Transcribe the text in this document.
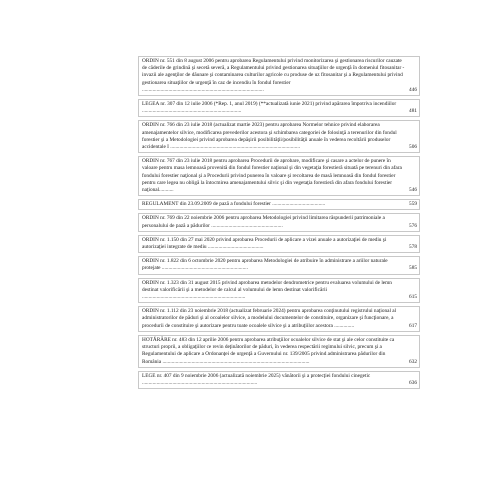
ORDIN nr. 551 din 8 august 2006 pentru aprobarea Regulamentului privind monitorizarea şi gestionarea riscurilor cauzate de căderile de grindină şi secetă severă, a Regulamentului privind gestionarea situaţiilor de urgenţă în domeniul fitosanitar - invazii ale agenţilor de dăunare şi contaminarea culturilor agricole cu produse de uz fitosanitar şi a Regulamentului privind gestionarea situaţiilor de urgenţă în caz de incendiu în fondul forestier ............................................................................................	446
LEGEA nr. 307 din 12 iulie 2006 (*Rep. 1, anul 2019) (**actualizată iunie 2021) privind apărarea împotriva incendiilor ...........................................................................	481
ORDIN nr. 766 din 23 iulie 2018 (actualizat martie 2023) pentru aprobarea Normelor tehnice privind elaborarea amenajamentelor silvice, modificarea prevederilor acestora şi schimbarea categoriei de folosinţă a terenurilor din fondul forestier şi a Metodologiei privind aprobarea depăşirii posibilităţii/posibilităţii anuale în vederea recoltării produselor accidentale I ..................................................................................................	506
ORDIN nr. 767 din 23 iulie 2018 pentru aprobarea Procedurii de aprobare, modificare şi casare a actelor de punere în valoare pentru masa lemnoasă provenită din fondul forestier naţional şi din vegetaţia forestieră situată pe terenuri din afara fondului forestier naţional şi a Procedurii privind punerea în valoare şi recoltarea de masă lemnoasă din fondul forestier pentru care legea nu obligă la întocmirea amenajamentului silvic şi din vegetaţia forestieră din afara fondului forestier naţional...........	546
REGULAMENT din 23.09.2009 de pază a fondului forestier ........................................	559
ORDIN nr. 769 din 22 noiembrie 2006 pentru aprobarea Metodologiei privind limitarea răspunderii patrimoniale a personalului de pază a pădurilor ......................................................	576
ORDIN nr. 1.150 din 27 mai 2020 privind aprobarea Procedurii de aplicare a vizei anuale a autorizaţiei de mediu şi autorizaţiei integrate de mediu ..........................................	578
ORDIN nr. 1.822 din 6 octombrie 2020 pentru aprobarea Metodologiei de atribuire în administrare a ariilor naturale protejate .................................................................	585
ORDIN nr. 1.323 din 31 august 2015 privind aprobarea metodelor dendrometrice pentru evaluarea volumului de lemn destinat valorificării şi a metodelor de calcul al volumului de lemn destinat valorificării ..............................................................................	615
ORDIN nr. 1.112 din 23 noiembrie 2018 (actualizat februarie 2024) pentru aprobarea conţinutului registrului naţional al administratorilor de păduri şi al ocoalelor silvice, a modelului documentelor de constituire, organizare şi funcţionare, a procedurii de constituire şi autorizare pentru toate ocoalele silvice şi a atribuţiilor acestora ...............	617
HOTĂRÂRE nr. 483 din 12 aprilie 2006 pentru aprobarea atribuţiilor ocoalelor silvice de stat şi ale celor constituite ca structuri proprii, a obligaţiilor ce revin deţinătorilor de păduri, în vederea respectării regimului silvic, precum şi a Regulamentului de aplicare a Ordonanţei de urgenţă a Guvernului nr. 139/2005 privind administrarea pădurilor din România ...............................................................................................................	632
LEGE nr. 407 din 9 noiembrie 2006 (actualizată noiembrie 2025) vânătorii şi a protecţiei fondului cinegetic .......................................................................................	636
